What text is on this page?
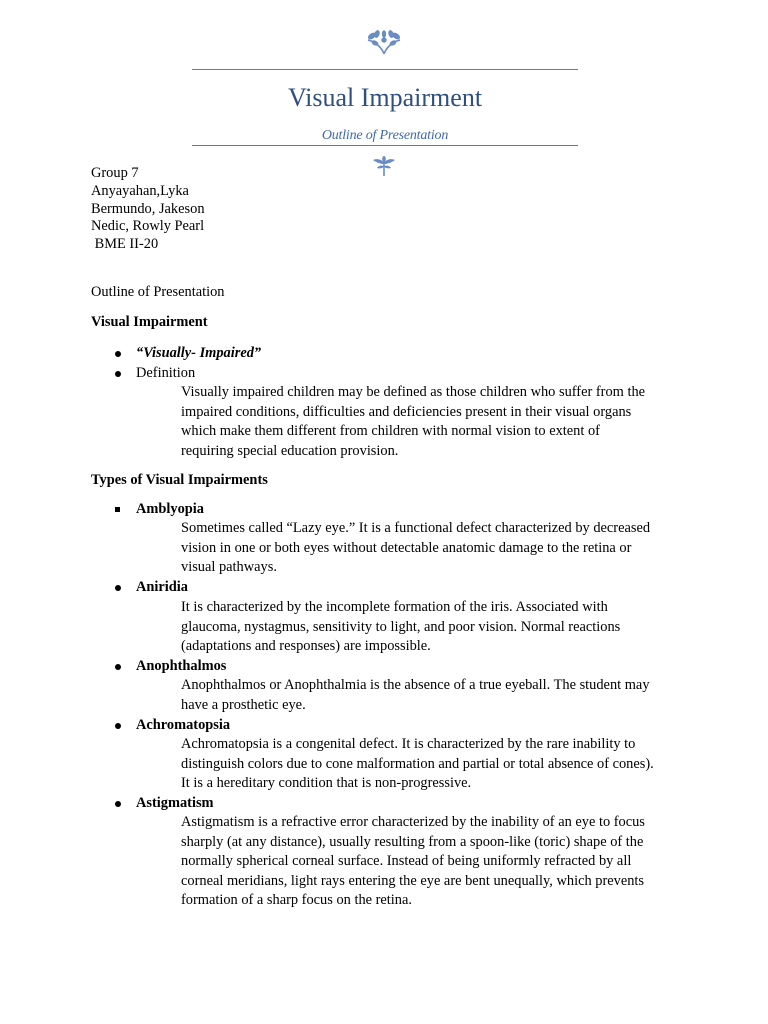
Visual Impairment
Outline of Presentation
Group 7
Anyayahan,Lyka
Bermundo, Jakeson
Nedic, Rowly Pearl
BME II-20
Outline of Presentation
Visual Impairment
“Visually- Impaired”
Definition
Visually impaired children may be defined as those children who suffer from the
impaired conditions, difficulties and deficiencies present in their visual organs
which make them different from children with normal vision to extent of
requiring special education provision.
Types of Visual Impairments
Amblyopia
Sometimes called “Lazy eye.” It is a functional defect characterized by decreased
vision in one or both eyes without detectable anatomic damage to the retina or
visual pathways.
Aniridia
It is characterized by the incomplete formation of the iris. Associated with
glaucoma, nystagmus, sensitivity to light, and poor vision. Normal reactions
(adaptations and responses) are impossible.
Anophthalmos
Anophthalmos or Anophthalmia is the absence of a true eyeball. The student may
have a prosthetic eye.
Achromatopsia
Achromatopsia is a congenital defect. It is characterized by the rare inability to
distinguish colors due to cone malformation and partial or total absence of cones).
It is a hereditary condition that is non-progressive.
Astigmatism
Astigmatism is a refractive error characterized by the inability of an eye to focus
sharply (at any distance), usually resulting from a spoon-like (toric) shape of the
normally spherical corneal surface. Instead of being uniformly refracted by all
corneal meridians, light rays entering the eye are bent unequally, which prevents
formation of a sharp focus on the retina.
